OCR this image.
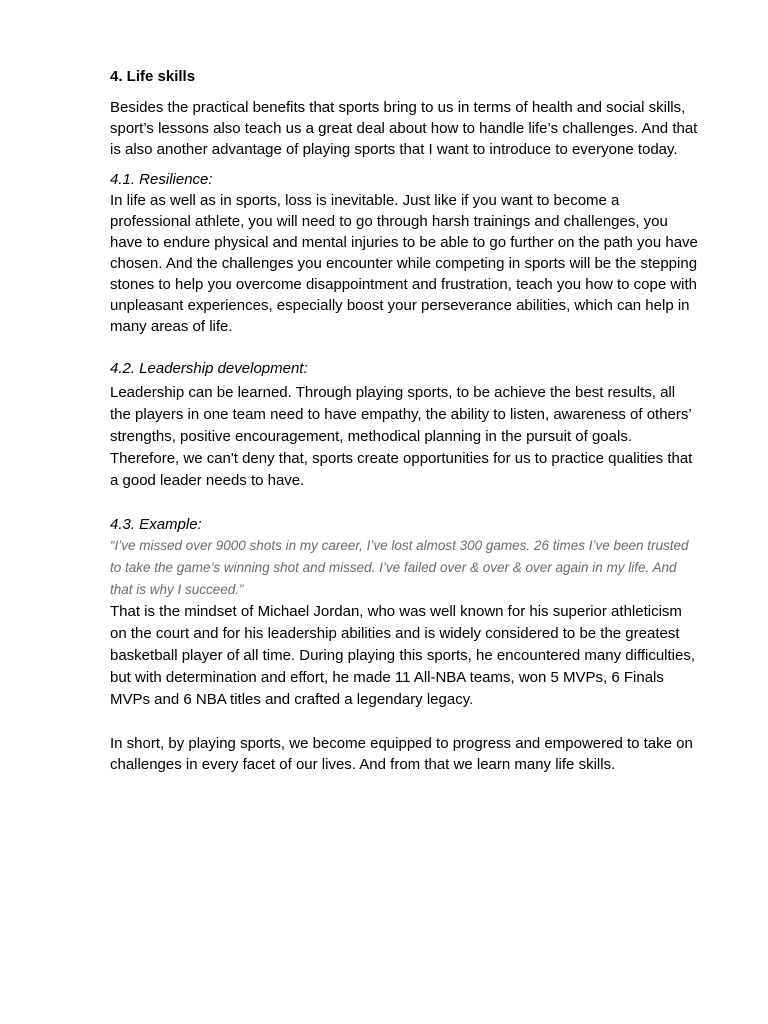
4. Life skills

Besides the practical benefits that sports bring to us in terms of health and social skills, sport’s lessons also teach us a great deal about how to handle life’s challenges. And that is also another advantage of playing sports that I want to introduce to everyone today.

4.1. Resilience:

In life as well as in sports, loss is inevitable. Just like if you want to become a professional athlete, you will need to go through harsh trainings and challenges, you have to endure physical and mental injuries to be able to go further on the path you have chosen. And the challenges you encounter while competing in sports will be the stepping stones to help you overcome disappointment and frustration, teach you how to cope with unpleasant experiences, especially boost your perseverance abilities, which can help in many areas of life.

4.2. Leadership development:

Leadership can be learned. Through playing sports, to be achieve the best results, all the players in one team need to have empathy, the ability to listen, awareness of others’ strengths, positive encouragement, methodical planning in the pursuit of goals. Therefore, we can't deny that, sports create opportunities for us to practice qualities that a good leader needs to have.

4.3. Example:

“I’ve missed over 9000 shots in my career, I’ve lost almost 300 games. 26 times I’ve been trusted to take the game’s winning shot and missed. I’ve failed over & over & over again in my life. And that is why I succeed.”

That is the mindset of Michael Jordan, who was well known for his superior athleticism on the court and for his leadership abilities and is widely considered to be the greatest basketball player of all time. During playing this sports, he encountered many difficulties, but with determination and effort, he made 11 All-NBA teams, won 5 MVPs, 6 Finals MVPs and 6 NBA titles and crafted a legendary legacy.

In short, by playing sports, we become equipped to progress and empowered to take on challenges in every facet of our lives. And from that we learn many life skills.
